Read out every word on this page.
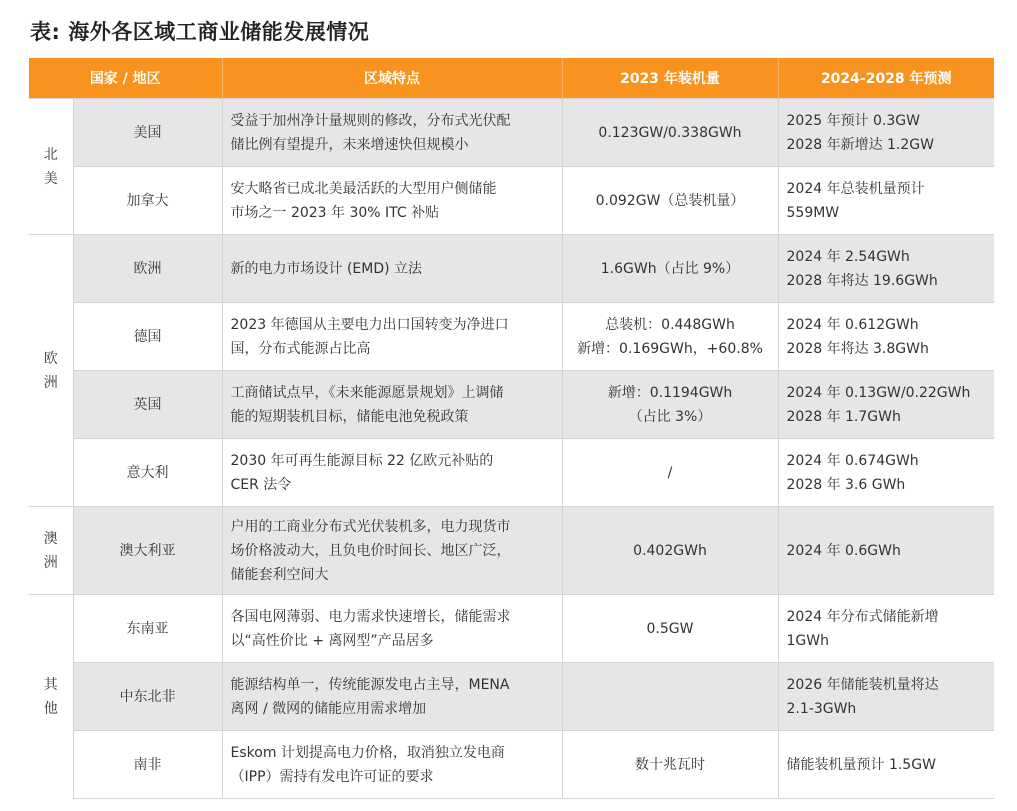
表: 海外各区域工商业储能发展情况
国家 / 地区		区域特点	2023 年装机量	2024-2028 年预测
北美	美国	受益于加州净计量规则的修改，分布式光伏配
储比例有望提升，未来增速快但规模小	0.123GW/0.338GWh	2025 年预计 0.3GW
2028 年新增达 1.2GW

	加拿大	安大略省已成北美最活跃的大型用户侧储能
市场之一 2023 年 30% ITC 补贴	0.092GW（总装机量）	2024 年总装机量预计
559MW

欧洲	欧洲	新的电力市场设计 (EMD) 立法	1.6GWh（占比 9%）	2024 年 2.54GWh
2028 年将达 19.6GWh

	德国	2023 年德国从主要电力出口国转变为净进口
国，分布式能源占比高	总装机：0.448GWh
新增：0.169GWh，+60.8%	2024 年 0.612GWh
2028 年将达 3.8GWh

	英国	工商储试点早，《未来能源愿景规划》上调储
能的短期装机目标，储能电池免税政策	新增：0.1194GWh
（占比 3%）	2024 年 0.13GW/0.22GWh
2028 年 1.7GWh

	意大利	2030 年可再生能源目标 22 亿欧元补贴的
CER 法令	/	2024 年 0.674GWh
2028 年 3.6 GWh

澳洲	澳大利亚	户用的工商业分布式光伏装机多，电力现货市
场价格波动大，且负电价时间长、地区广泛，
储能套利空间大	0.402GWh	2024 年 0.6GWh

其他	东南亚	各国电网薄弱、电力需求快速增长，储能需求
以“高性价比 + 离网型”产品居多	0.5GW	2024 年分布式储能新增
1GWh

	中东北非	能源结构单一，传统能源发电占主导，MENA
离网 / 微网的储能应用需求增加		2026 年储能装机量将达
2.1-3GWh

	南非	Eskom 计划提高电力价格，取消独立发电商
（IPP）需持有发电许可证的要求	数十兆瓦时	储能装机量预计 1.5GW
